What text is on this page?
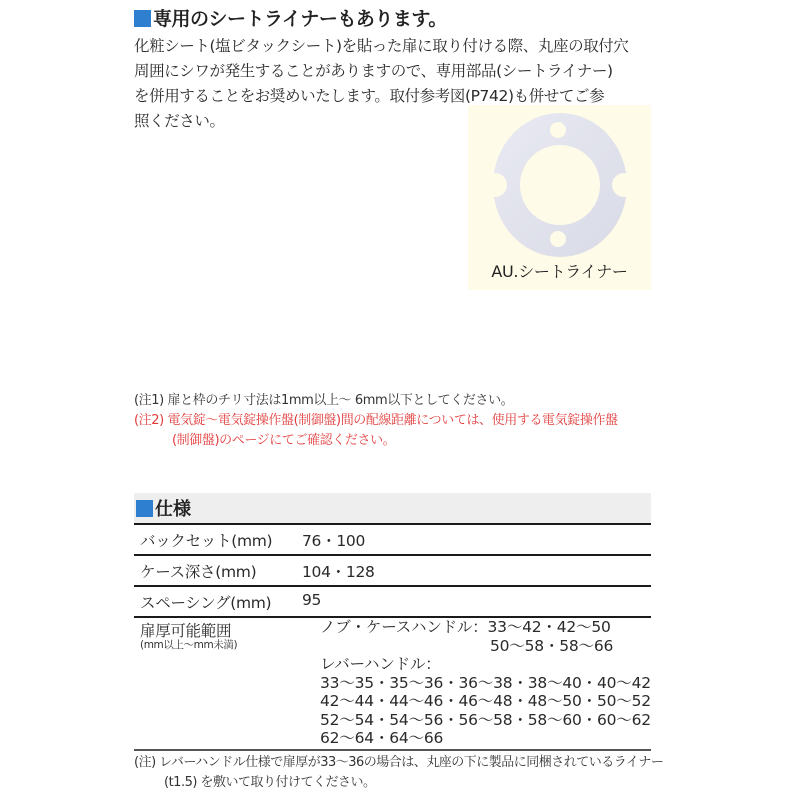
専用のシートライナーもあります。
化粧シート(塩ビタックシート)を貼った扉に取り付ける際、丸座の取付穴
周囲にシワが発生することがありますので、専用部品(シートライナー)
を併用することをお奨めいたします。取付参考図(P742)も併せてご参
照ください。
AU.シートライナー
(注1) 扉と枠のチリ寸法は1mm以上～ 6mm以下としてください。
(注2) 電気錠～電気錠操作盤(制御盤)間の配線距離については、使用する電気錠操作盤
(制御盤)のページにてご確認ください。
仕様
バックセット(mm) 76・100
ケース深さ(mm)	104・128
スペーシング(mm) 95
扉厚可能範囲
(mm以上～mm未満)
ノブ・ケースハンドル：33～42・42～50
50～58・58～66
レバーハンドル：
33～35・35～36・36～38・38～40・40～42
42～44・44～46・46～48・48～50・50～52
52～54・54～56・56～58・58～60・60～62
62～64・64～66
(注) レバーハンドル仕様で扉厚が33～36の場合は、丸座の下に製品に同梱されているライナー
(t1.5) を敷いて取り付けてください。
